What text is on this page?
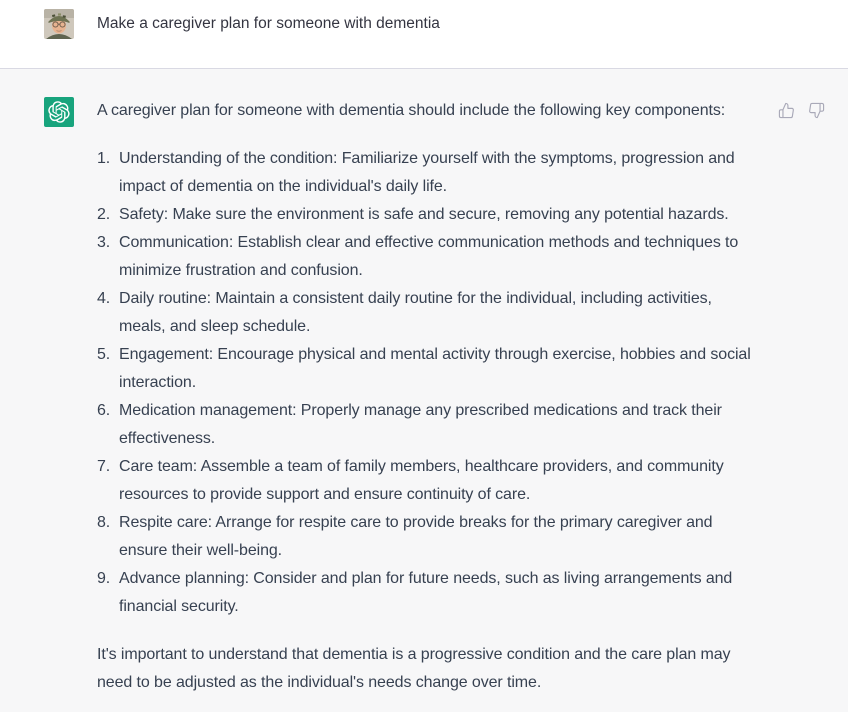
Make a caregiver plan for someone with dementia

A caregiver plan for someone with dementia should include the following key components:

1. Understanding of the condition: Familiarize yourself with the symptoms, progression and impact of dementia on the individual's daily life.
2. Safety: Make sure the environment is safe and secure, removing any potential hazards.
3. Communication: Establish clear and effective communication methods and techniques to minimize frustration and confusion.
4. Daily routine: Maintain a consistent daily routine for the individual, including activities, meals, and sleep schedule.
5. Engagement: Encourage physical and mental activity through exercise, hobbies and social interaction.
6. Medication management: Properly manage any prescribed medications and track their effectiveness.
7. Care team: Assemble a team of family members, healthcare providers, and community resources to provide support and ensure continuity of care.
8. Respite care: Arrange for respite care to provide breaks for the primary caregiver and ensure their well-being.
9. Advance planning: Consider and plan for future needs, such as living arrangements and financial security.

It's important to understand that dementia is a progressive condition and the care plan may need to be adjusted as the individual's needs change over time.
